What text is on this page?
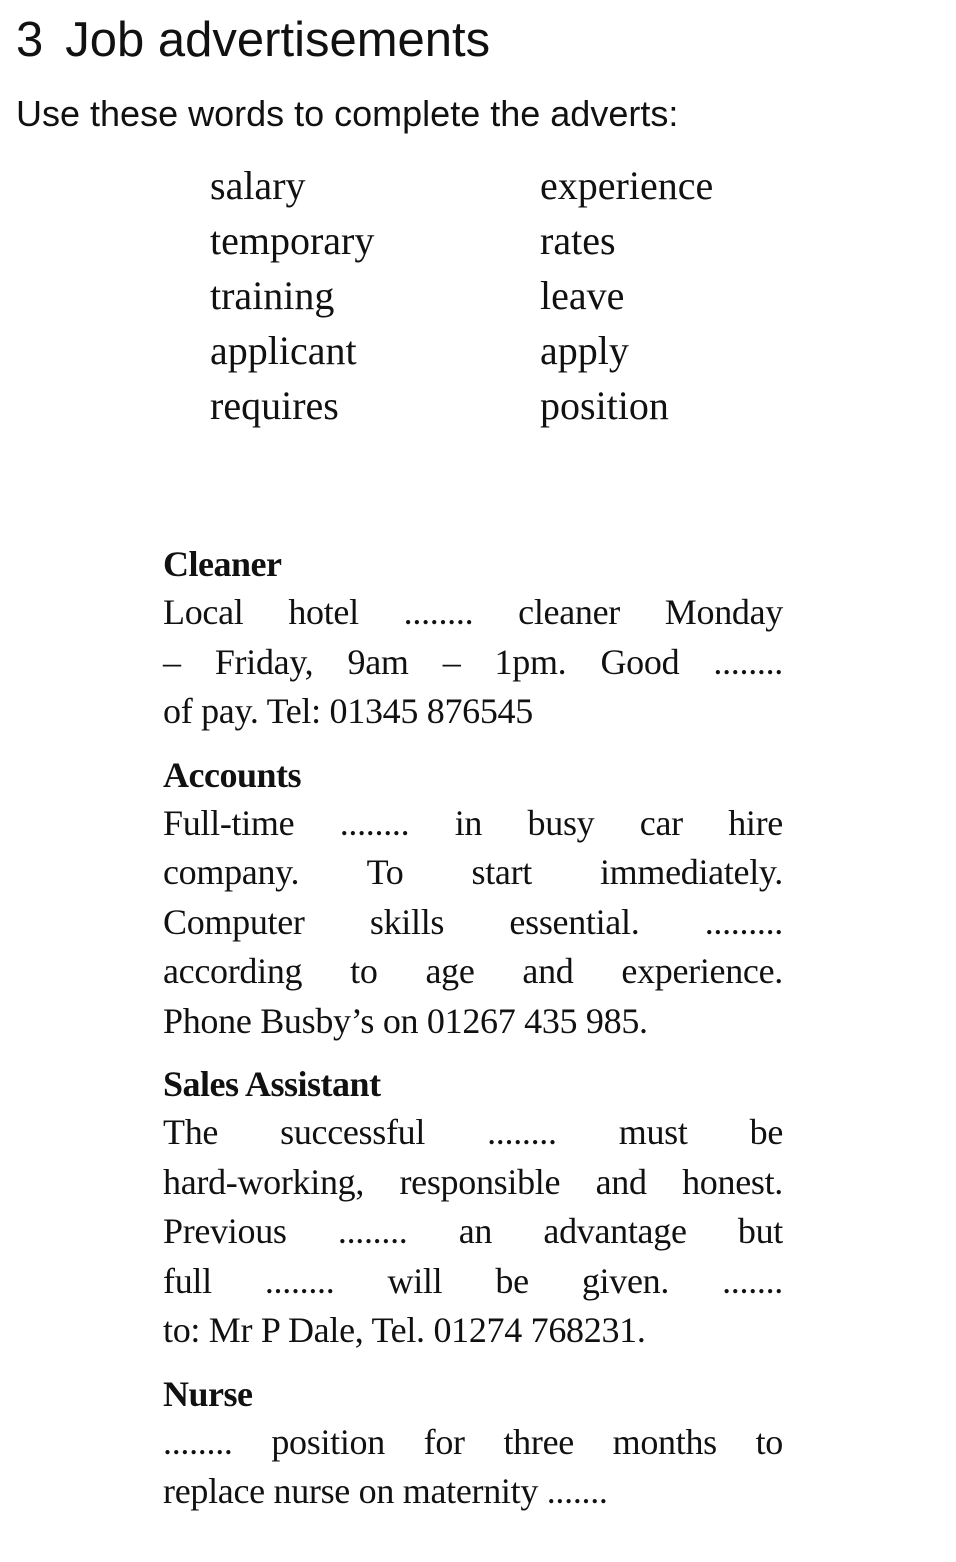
3 Job advertisements
Use these words to complete the adverts:
salary
temporary
training
applicant
requires
experience
rates
leave
apply
position
Cleaner
Local hotel ........ cleaner Monday
– Friday, 9am – 1pm. Good ........
of pay. Tel: 01345 876545
Accounts
Full-time ........ in busy car hire
company. To start immediately.
Computer skills essential. .........
according to age and experience.
Phone Busby’s on 01267 435 985.
Sales Assistant
The successful ........ must be
hard-working, responsible and honest.
Previous ........ an advantage but
full ........ will be given. .......
to: Mr P Dale, Tel. 01274 768231.
Nurse
........ position for three months to
replace nurse on maternity .......
